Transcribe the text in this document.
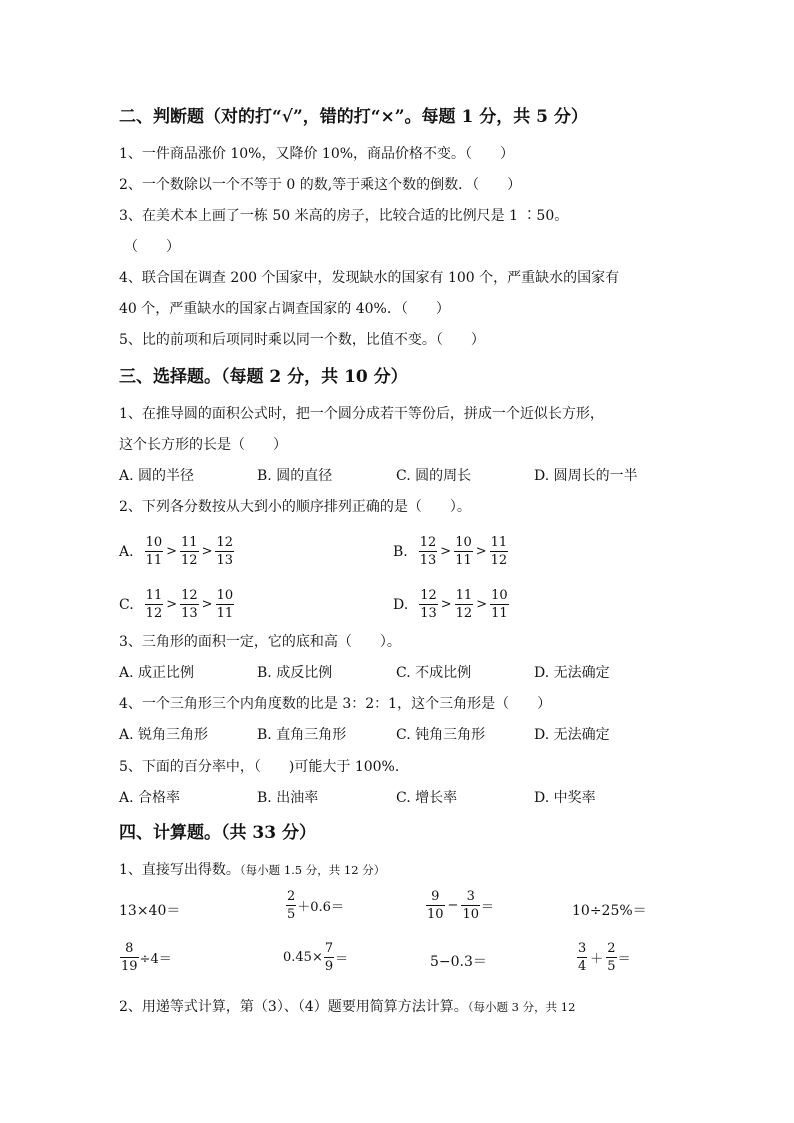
二、判断题（对的打“√”，错的打“×”。每题 1 分，共 5 分）
1、一件商品涨价 10%，又降价 10%，商品价格不变。（　　）
2、一个数除以一个不等于 0 的数,等于乘这个数的倒数．（　　）
3、在美术本上画了一栋 50 米高的房子，比较合适的比例尺是 1 ∶50。
（　　）
4、联合国在调查 200 个国家中，发现缺水的国家有 100 个，严重缺水的国家有
40 个，严重缺水的国家占调查国家的 40%．（　　）
5、比的前项和后项同时乘以同一个数，比值不变。（　　）
三、选择题。（每题 2 分，共 10 分）
1、在推导圆的面积公式时，把一个圆分成若干等份后，拼成一个近似长方形，
这个长方形的长是（　　）
A. 圆的半径	B. 圆的直径	C. 圆的周长	D. 圆周长的一半
2、下列各分数按从大到小的顺序排列正确的是（　　）。
A. $\frac{10}{11} > \frac{11}{12} > \frac{12}{13}$	B. $\frac{12}{13} > \frac{10}{11} > \frac{11}{12}$
C. $\frac{11}{12} > \frac{12}{13} > \frac{10}{11}$	D. $\frac{12}{13} > \frac{11}{12} > \frac{10}{11}$
3、三角形的面积一定，它的底和高（　　）。
A. 成正比例	B. 成反比例	C. 不成比例	D. 无法确定
4、一个三角形三个内角度数的比是 3：2：1，这个三角形是（　　）
A. 锐角三角形	B. 直角三角形	C. 钝角三角形	D. 无法确定
5、下面的百分率中，（　　)可能大于 100%.
A. 合格率	B. 出油率	C. 增长率	D. 中奖率
四、计算题。（共 33 分）
1、直接写出得数。（每小题 1.5 分，共 12 分）
13×40＝	$\frac{2}{5} +0.6=$	$\frac{9}{10} - \frac{3}{10}$ ＝	10÷25%＝
$\frac{8}{19} \div 4=$	$0.45\times \frac{7}{9}$ ＝	5−0.3＝	$\frac{3}{4} + \frac{2}{5}$ ＝
2、用递等式计算，第（3）、（4）题要用简算方法计算。（每小题 3 分，共 12
